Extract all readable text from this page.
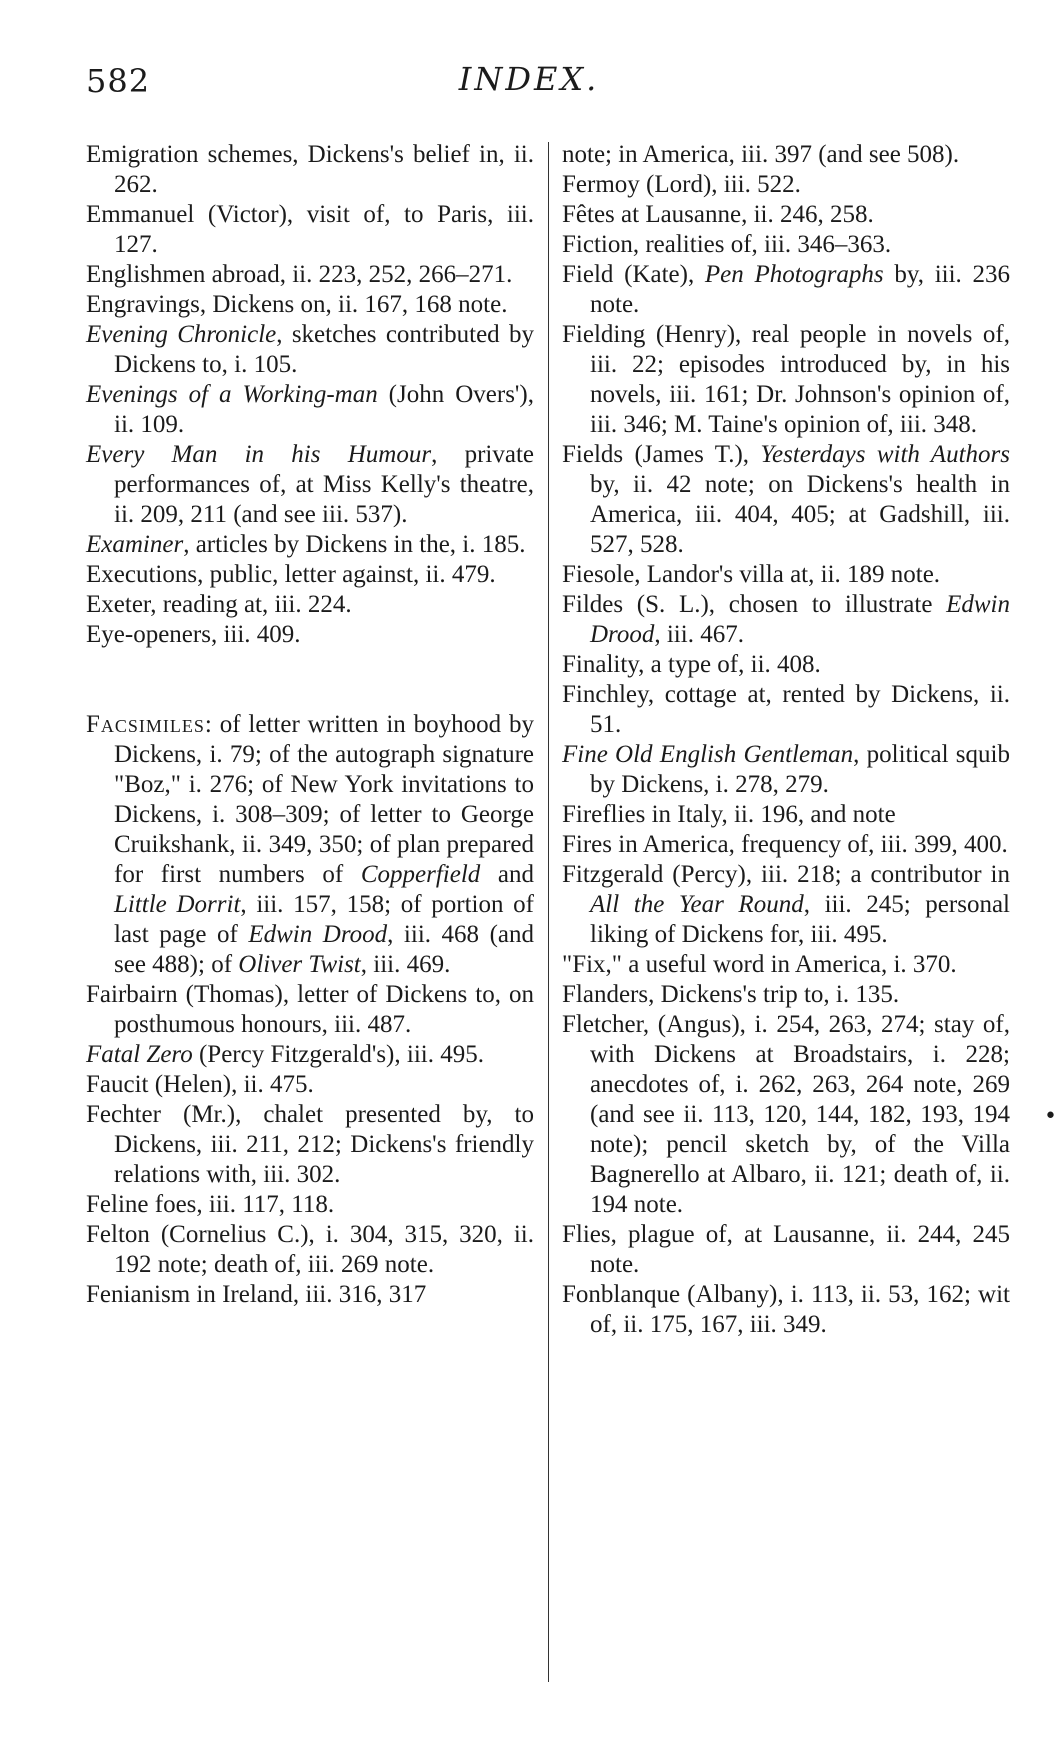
582	INDEX.

Emigration schemes, Dickens's belief in, ii. 262.

Emmanuel (Victor), visit of, to Paris, iii. 127.

Englishmen abroad, ii. 223, 252, 266–271.

Engravings, Dickens on, ii. 167, 168 note.

Evening Chronicle, sketches contributed by Dickens to, i. 105.

Evenings of a Working-man (John Overs'), ii. 109.

Every Man in his Humour, private performances of, at Miss Kelly's theatre, ii. 209, 211 (and see iii. 537).

Examiner, articles by Dickens in the, i. 185.

Executions, public, letter against, ii. 479.

Exeter, reading at, iii. 224.

Eye-openers, iii. 409.

Facsimiles: of letter written in boyhood by Dickens, i. 79; of the autograph signature "Boz," i. 276; of New York invitations to Dickens, i. 308–309; of letter to George Cruikshank, ii. 349, 350; of plan prepared for first numbers of Copperfield and Little Dorrit, iii. 157, 158; of portion of last page of Edwin Drood, iii. 468 (and see 488); of Oliver Twist, iii. 469.

Fairbairn (Thomas), letter of Dickens to, on posthumous honours, iii. 487.

Fatal Zero (Percy Fitzgerald's), iii. 495.

Faucit (Helen), ii. 475.

Fechter (Mr.), chalet presented by, to Dickens, iii. 211, 212; Dickens's friendly relations with, iii. 302.

Feline foes, iii. 117, 118.

Felton (Cornelius C.), i. 304, 315, 320, ii. 192 note; death of, iii. 269 note.

Fenianism in Ireland, iii. 316, 317

note; in America, iii. 397 (and see 508).

Fermoy (Lord), iii. 522.

Fêtes at Lausanne, ii. 246, 258.

Fiction, realities of, iii. 346–363.

Field (Kate), Pen Photographs by, iii. 236 note.

Fielding (Henry), real people in novels of, iii. 22; episodes introduced by, in his novels, iii. 161; Dr. Johnson's opinion of, iii. 346; M. Taine's opinion of, iii. 348.

Fields (James T.), Yesterdays with Authors by, ii. 42 note; on Dickens's health in America, iii. 404, 405; at Gadshill, iii. 527, 528.

Fiesole, Landor's villa at, ii. 189 note.

Fildes (S. L.), chosen to illustrate Edwin Drood, iii. 467.

Finality, a type of, ii. 408.

Finchley, cottage at, rented by Dickens, ii. 51.

Fine Old English Gentleman, political squib by Dickens, i. 278, 279.

Fireflies in Italy, ii. 196, and note

Fires in America, frequency of, iii. 399, 400.

Fitzgerald (Percy), iii. 218; a contributor in All the Year Round, iii. 245; personal liking of Dickens for, iii. 495.

"Fix," a useful word in America, i. 370.

Flanders, Dickens's trip to, i. 135.

Fletcher, (Angus), i. 254, 263, 274; stay of, with Dickens at Broadstairs, i. 228; anecdotes of, i. 262, 263, 264 note, 269 (and see ii. 113, 120, 144, 182, 193, 194 note); pencil sketch by, of the Villa Bagnerello at Albaro, ii. 121; death of, ii. 194 note.

Flies, plague of, at Lausanne, ii. 244, 245 note.

Fonblanque (Albany), i. 113, ii. 53, 162; wit of, ii. 175, 167, iii. 349.

•
